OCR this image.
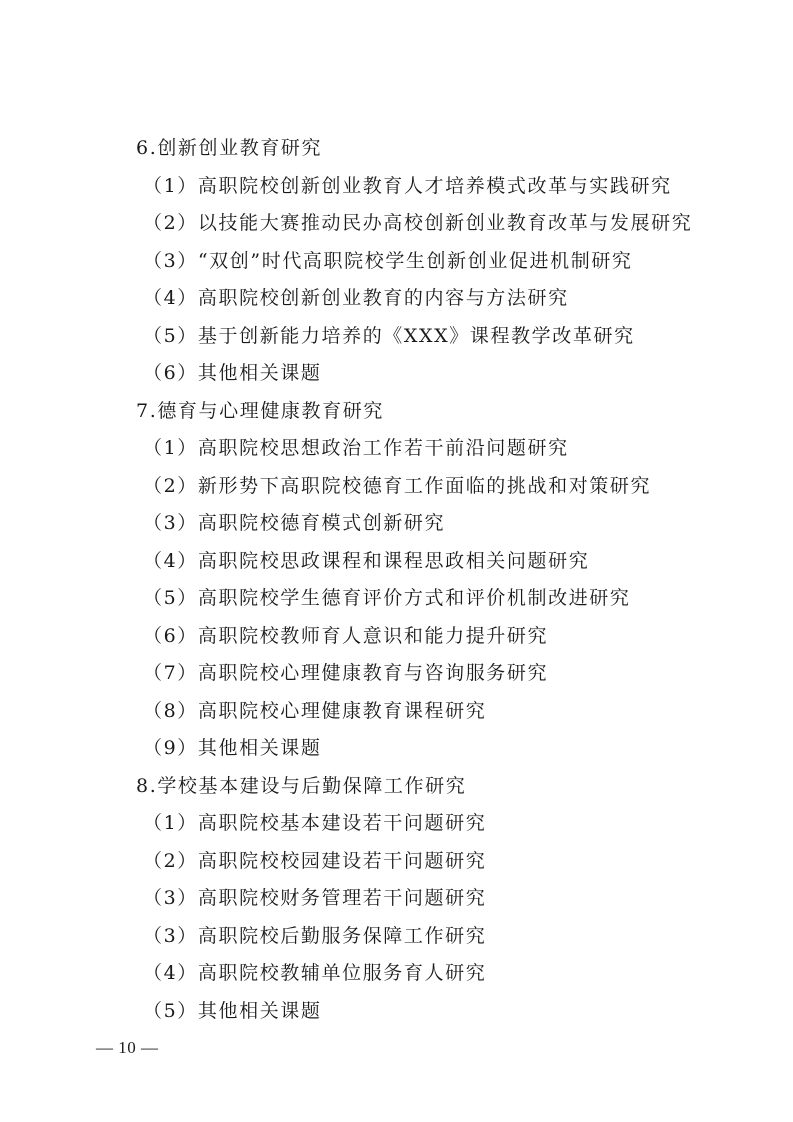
6.创新创业教育研究
（1）高职院校创新创业教育人才培养模式改革与实践研究
（2）以技能大赛推动民办高校创新创业教育改革与发展研究
（3）“双创”时代高职院校学生创新创业促进机制研究
（4）高职院校创新创业教育的内容与方法研究
（5）基于创新能力培养的《XXX》课程教学改革研究
（6）其他相关课题
7.德育与心理健康教育研究
（1）高职院校思想政治工作若干前沿问题研究
（2）新形势下高职院校德育工作面临的挑战和对策研究
（3）高职院校德育模式创新研究
（4）高职院校思政课程和课程思政相关问题研究
（5）高职院校学生德育评价方式和评价机制改进研究
（6）高职院校教师育人意识和能力提升研究
（7）高职院校心理健康教育与咨询服务研究
（8）高职院校心理健康教育课程研究
（9）其他相关课题
8.学校基本建设与后勤保障工作研究
（1）高职院校基本建设若干问题研究
（2）高职院校校园建设若干问题研究
（3）高职院校财务管理若干问题研究
（3）高职院校后勤服务保障工作研究
（4）高职院校教辅单位服务育人研究
（5）其他相关课题
— 10 —
